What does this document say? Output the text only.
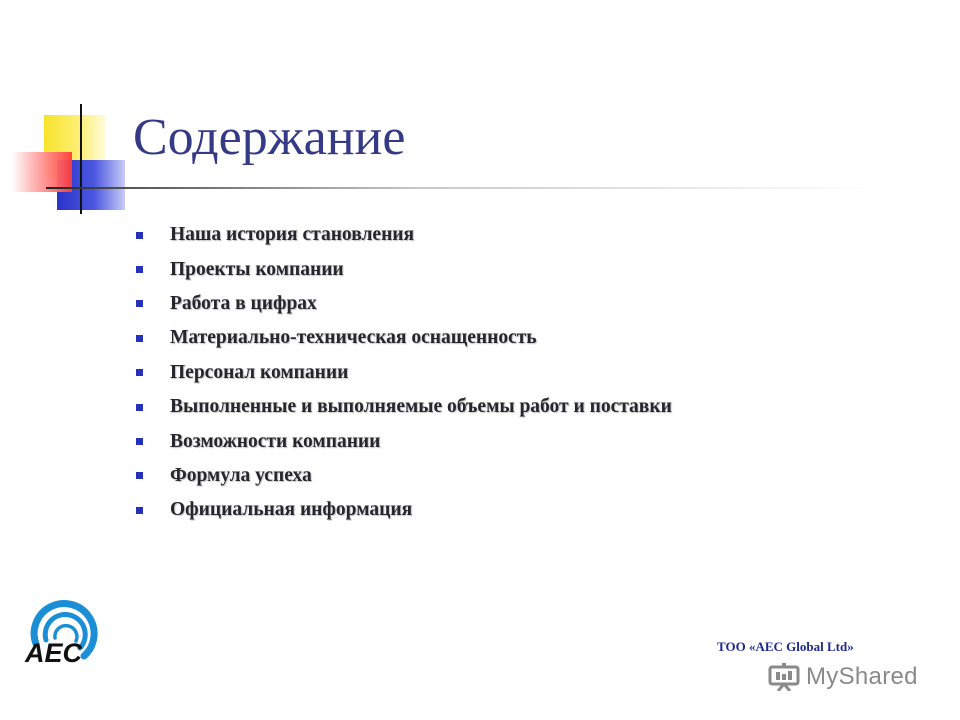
Содержание
Наша история становления
Проекты компании
Работа в цифрах
Материально-техническая оснащенность
Персонал компании
Выполненные и выполняемые объемы работ и поставки
Возможности компании
Формула успеха
Официальная информация
AEC	ТОО «AEC Global Ltd»
MyShared
